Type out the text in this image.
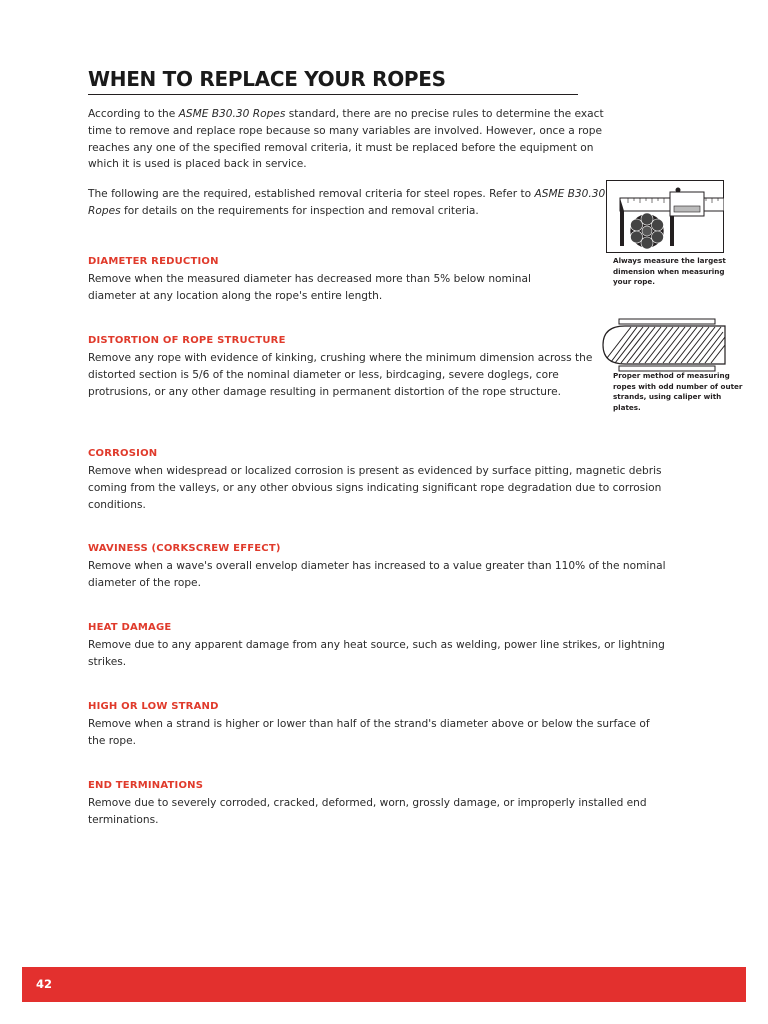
WHEN TO REPLACE YOUR ROPES

According to the ASME B30.30 Ropes standard, there are no precise rules to determine the exact time to remove and replace rope because so many variables are involved. However, once a rope reaches any one of the specified removal criteria, it must be replaced before the equipment on which it is used is placed back in service.

The following are the required, established removal criteria for steel ropes. Refer to ASME B30.30 Ropes for details on the requirements for inspection and removal criteria.

Always measure the largest dimension when measuring your rope.

Proper method of measuring ropes with odd number of outer strands, using caliper with plates.

DIAMETER REDUCTION

Remove when the measured diameter has decreased more than 5% below nominal diameter at any location along the rope's entire length.

DISTORTION OF ROPE STRUCTURE

Remove any rope with evidence of kinking, crushing where the minimum dimension across the distorted section is 5/6 of the nominal diameter or less, birdcaging, severe doglegs, core protrusions, or any other damage resulting in permanent distortion of the rope structure.

CORROSION

Remove when widespread or localized corrosion is present as evidenced by surface pitting, magnetic debris coming from the valleys, or any other obvious signs indicating significant rope degradation due to corrosion conditions.

WAVINESS (CORKSCREW EFFECT)

Remove when a wave's overall envelop diameter has increased to a value greater than 110% of the nominal diameter of the rope.

HEAT DAMAGE

Remove due to any apparent damage from any heat source, such as welding, power line strikes, or lightning strikes.

HIGH OR LOW STRAND

Remove when a strand is higher or lower than half of the strand's diameter above or below the surface of the rope.

END TERMINATIONS

Remove due to severely corroded, cracked, deformed, worn, grossly damage, or improperly installed end terminations.

42
